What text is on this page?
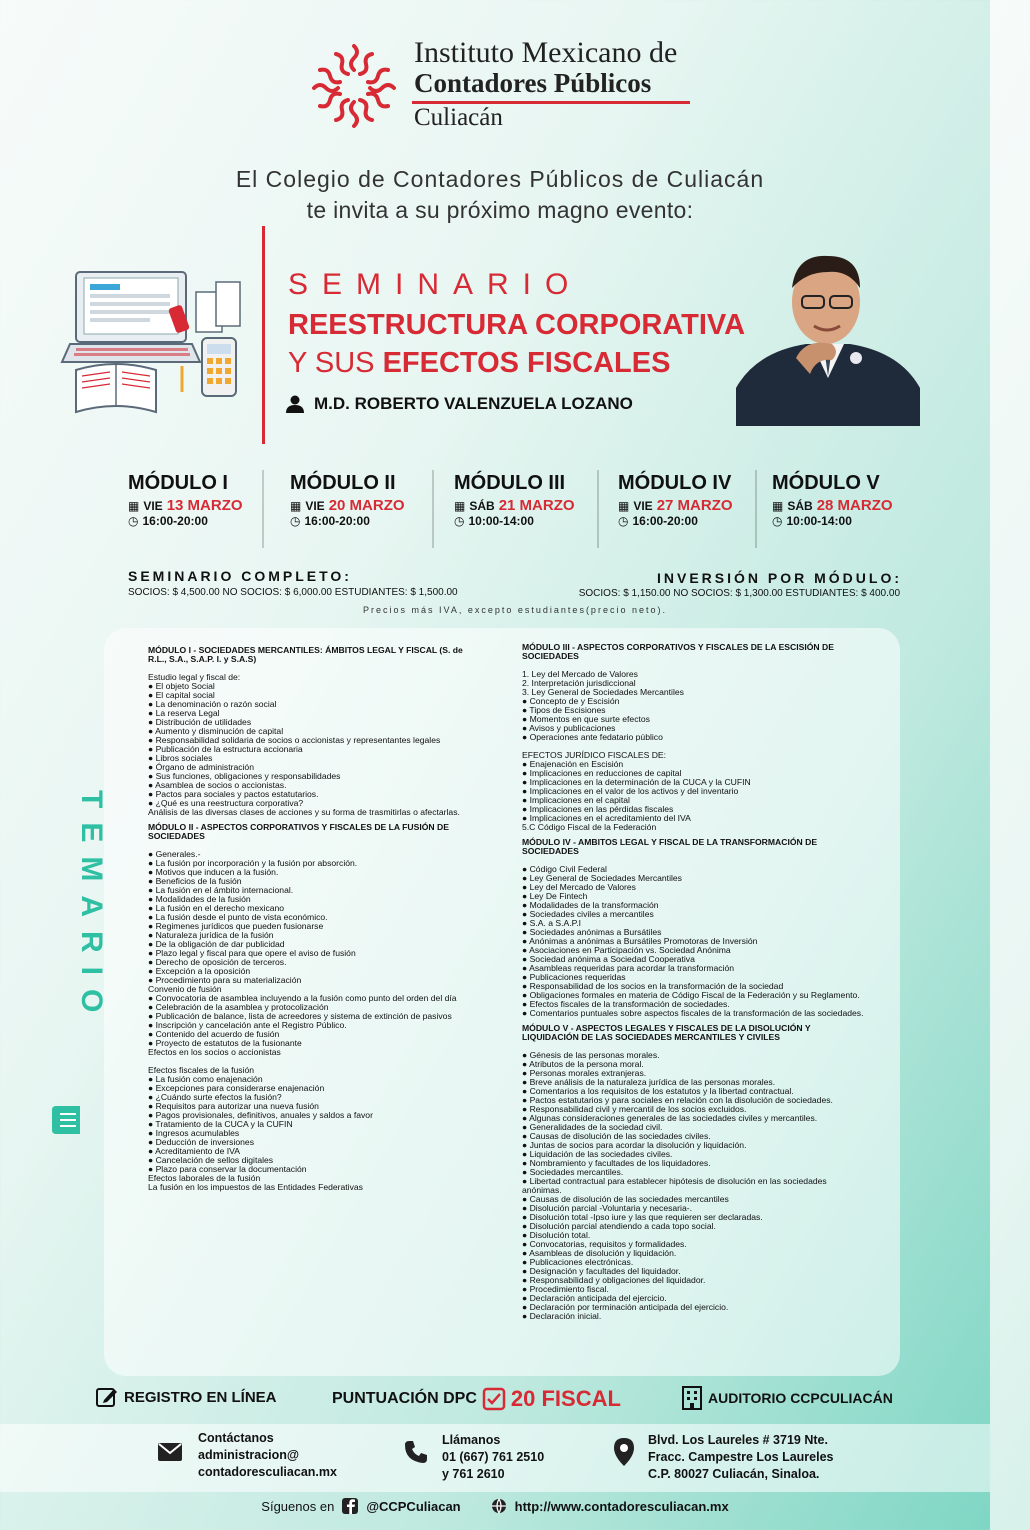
Instituto Mexicano de
Contadores Públicos
Culiacán
El Colegio de Contadores Públicos de Culiacán
te invita a su próximo magno evento:
SEMINARIO
REESTRUCTURA CORPORATIVA
Y SUS EFECTOS FISCALES
M.D. ROBERTO VALENZUELA LOZANO
MÓDULO I
▦ VIE 13 MARZO
◷ 16:00-20:00
MÓDULO II
▦ VIE 20 MARZO
◷ 16:00-20:00
MÓDULO III
▦ SÁB 21 MARZO
◷ 10:00-14:00
MÓDULO IV
▦ VIE 27 MARZO
◷ 16:00-20:00
MÓDULO V
▦ SÁB 28 MARZO
◷ 10:00-14:00
SEMINARIO COMPLETO:
SOCIOS: $ 4,500.00 NO SOCIOS: $ 6,000.00 ESTUDIANTES: $ 1,500.00
INVERSIÓN POR MÓDULO:
SOCIOS: $ 1,150.00 NO SOCIOS: $ 1,300.00 ESTUDIANTES: $ 400.00
Precios más IVA, excepto estudiantes(precio neto).
TEMARIO
MÓDULO I - SOCIEDADES MERCANTILES: ÁMBITOS LEGAL Y FISCAL (S. de R.L., S.A., S.A.P. I. y S.A.S)
Estudio legal y fiscal de:
● El objeto Social
● El capital social
● La denominación o razón social
● La reserva Legal
● Distribución de utilidades
● Aumento y disminución de capital
● Responsabilidad solidaria de socios o accionistas y representantes legales
● Publicación de la estructura accionaria
● Libros sociales
● Órgano de administración
● Sus funciones, obligaciones y responsabilidades
● Asamblea de socios o accionistas.
● Pactos para sociales y pactos estatutarios.
● ¿Qué es una reestructura corporativa?
Análisis de las diversas clases de acciones y su forma de trasmitirlas o afectarlas.
MÓDULO II - ASPECTOS CORPORATIVOS Y FISCALES DE LA FUSIÓN DE SOCIEDADES
● Generales.-
● La fusión por incorporación y la fusión por absorción.
● Motivos que inducen a la fusión.
● Beneficios de la fusión
● La fusión en el ámbito internacional.
● Modalidades de la fusión
● La fusión en el derecho mexicano
● La fusión desde el punto de vista económico.
● Regimenes jurídicos que pueden fusionarse
● Naturaleza jurídica de la fusión
● De la obligación de dar publicidad
● Plazo legal y fiscal para que opere el aviso de fusión
● Derecho de oposición de terceros.
● Excepción a la oposición
● Procedimiento para su materialización
Convenio de fusión
● Convocatoria de asamblea incluyendo a la fusión como punto del orden del día
● Celebración de la asamblea y protocolización
● Publicación de balance, lista de acreedores y sistema de extinción de pasivos
● Inscripción y cancelación ante el Registro Público.
● Contenido del acuerdo de fusión
● Proyecto de estatutos de la fusionante
Efectos en los socios o accionistas
Efectos fiscales de la fusión
● La fusión como enajenación
● Excepciones para considerarse enajenación
● ¿Cuándo surte efectos la fusión?
● Requisitos para autorizar una nueva fusión
● Pagos provisionales, definitivos, anuales y saldos a favor
● Tratamiento de la CUCA y la CUFIN
● Ingresos acumulables
● Deducción de inversiones
● Acreditamiento de IVA
● Cancelación de sellos digitales
● Plazo para conservar la documentación
Efectos laborales de la fusión
La fusión en los impuestos de las Entidades Federativas
MÓDULO III - ASPECTOS CORPORATIVOS Y FISCALES DE LA ESCISIÓN DE SOCIEDADES
1. Ley del Mercado de Valores
2. Interpretación jurisdiccional
3. Ley General de Sociedades Mercantiles
● Concepto de y Escisión
● Tipos de Escisiones
● Momentos en que surte efectos
● Avisos y publicaciones
● Operaciones ante fedatario público
EFECTOS JURÍDICO FISCALES DE:
● Enajenación en Escisión
● Implicaciones en reducciones de capital
● Implicaciones en la determinación de la CUCA y la CUFIN
● Implicaciones en el valor de los activos y del inventario
● Implicaciones en el capital
● Implicaciones en las pérdidas fiscales
● Implicaciones en el acreditamiento del IVA
5.C Código Fiscal de la Federación
MÓDULO IV - AMBITOS LEGAL Y FISCAL DE LA TRANSFORMACIÓN DE SOCIEDADES
● Código Civil Federal
● Ley General de Sociedades Mercantiles
● Ley del Mercado de Valores
● Ley De Fintech
● Modalidades de la transformación
● Sociedades civiles a mercantiles
● S.A. a S.A.P.I
● Sociedades anónimas a Bursátiles
● Anónimas a anónimas a Bursátiles Promotoras de Inversión
● Asociaciones en Participación vs. Sociedad Anónima
● Sociedad anónima a Sociedad Cooperativa
● Asambleas requeridas para acordar la transformación
● Publicaciones requeridas
● Responsabilidad de los socios en la transformación de la sociedad
● Obligaciones formales en materia de Código Fiscal de la Federación y su Reglamento.
● Efectos fiscales de la transformación de sociedades.
● Comentarios puntuales sobre aspectos fiscales de la transformación de las sociedades.
MÓDULO V - ASPECTOS LEGALES Y FISCALES DE LA DISOLUCIÓN Y LIQUIDACIÓN DE LAS SOCIEDADES MERCANTILES Y CIVILES
● Génesis de las personas morales.
● Atributos de la persona moral.
● Personas morales extranjeras.
● Breve análisis de la naturaleza jurídica de las personas morales.
● Comentarios a los requisitos de los estatutos y la libertad contractual.
● Pactos estatutarios y para sociales en relación con la disolución de sociedades.
● Responsabilidad civil y mercantil de los socios excluidos.
● Algunas consideraciones generales de las sociedades civiles y mercantiles.
● Generalidades de la sociedad civil.
● Causas de disolución de las sociedades civiles.
● Juntas de socios para acordar la disolución y liquidación.
● Liquidación de las sociedades civiles.
● Nombramiento y facultades de los liquidadores.
● Sociedades mercantiles.
● Libertad contractual para establecer hipótesis de disolución en las sociedades anónimas.
● Causas de disolución de las sociedades mercantiles
● Disolución parcial -Voluntaria y necesaria-.
● Disolución total -Ipso iure y las que requieren ser declaradas.
● Disolución parcial atendiendo a cada topo social.
● Disolución total.
● Convocatorias, requisitos y formalidades.
● Asambleas de disolución y liquidación.
● Publicaciones electrónicas.
● Designación y facultades del liquidador.
● Responsabilidad y obligaciones del liquidador.
● Procedimiento fiscal.
● Declaración anticipada del ejercicio.
● Declaración por terminación anticipada del ejercicio.
● Declaración inicial.
REGISTRO EN LÍNEA	PUNTUACIÓN DPC 20 FISCAL	AUDITORIO CCPCULIACÁN
Contáctanos
administracion@
contadoresculiacan.mx
Llámanos
01 (667) 761 2510
y 761 2610
Blvd. Los Laureles # 3719 Nte.
Fracc. Campestre Los Laureles
C.P. 80027 Culiacán, Sinaloa.
Síguenos en @CCPCuliacan	http://www.contadoresculiacan.mx
